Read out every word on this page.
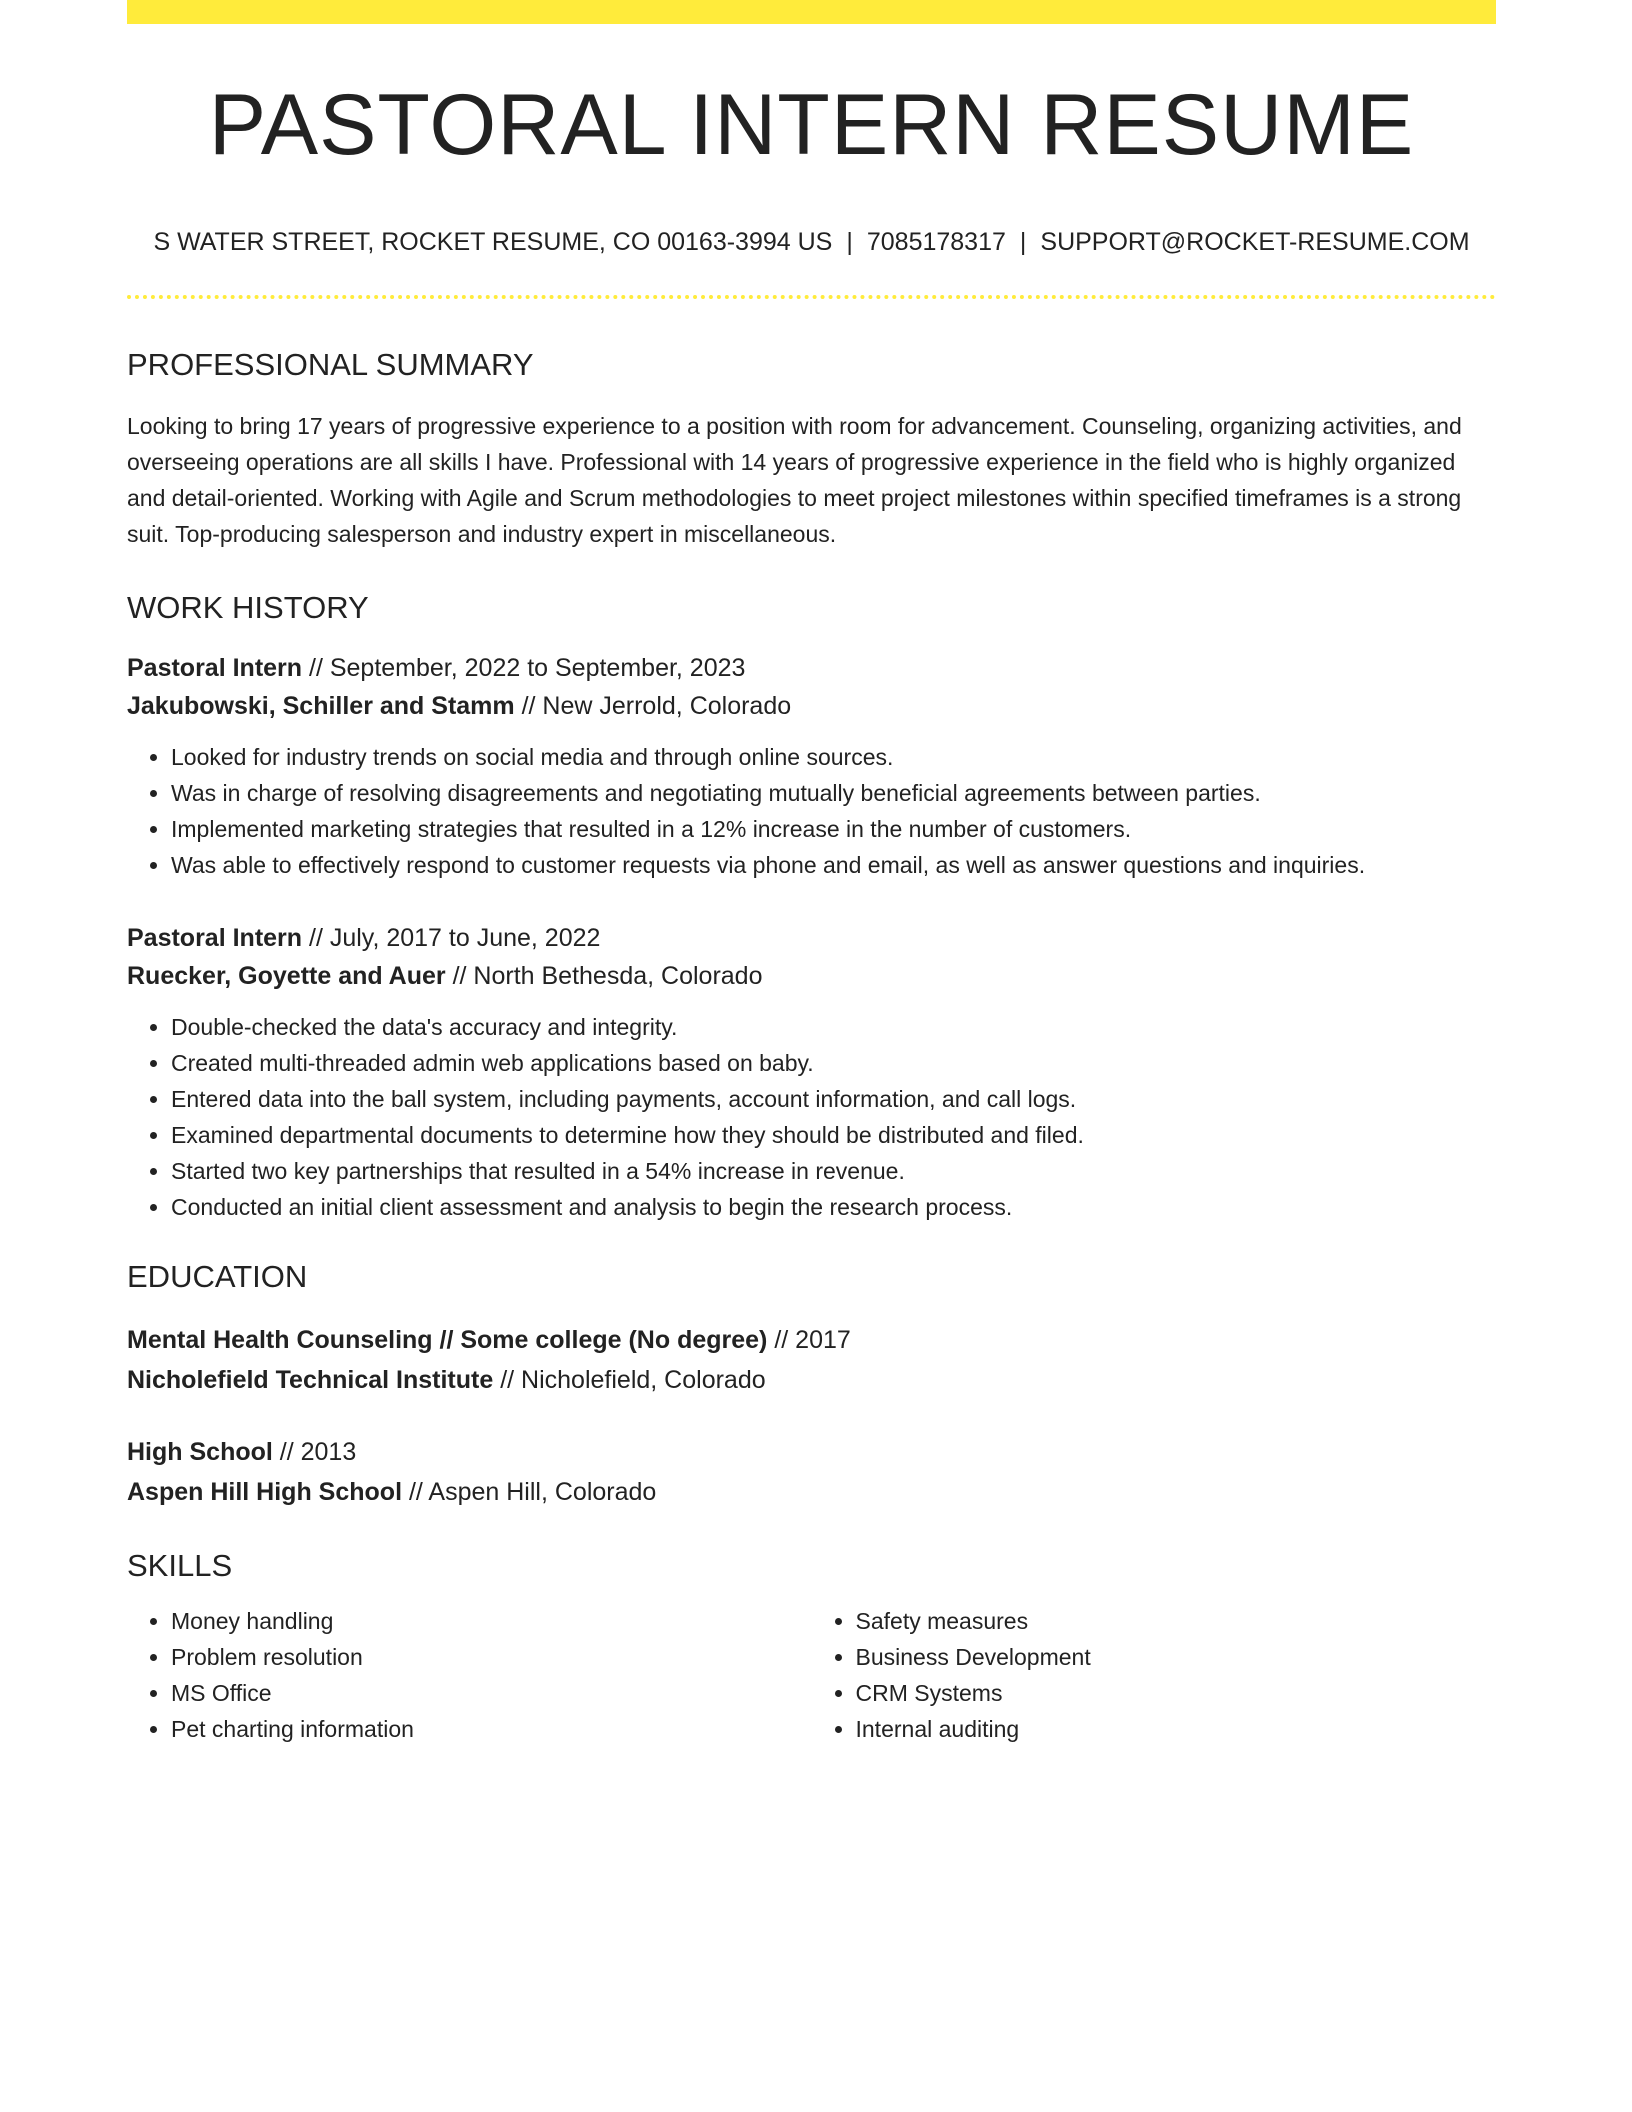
PASTORAL INTERN RESUME
S WATER STREET, ROCKET RESUME, CO 00163-3994 US | 7085178317 | SUPPORT@ROCKET-RESUME.COM
PROFESSIONAL SUMMARY
Looking to bring 17 years of progressive experience to a position with room for advancement. Counseling, organizing activities, and overseeing operations are all skills I have. Professional with 14 years of progressive experience in the field who is highly organized and detail-oriented. Working with Agile and Scrum methodologies to meet project milestones within specified timeframes is a strong suit. Top-producing salesperson and industry expert in miscellaneous.
WORK HISTORY
Pastoral Intern // September, 2022 to September, 2023
Jakubowski, Schiller and Stamm // New Jerrold, Colorado
• Looked for industry trends on social media and through online sources.
• Was in charge of resolving disagreements and negotiating mutually beneficial agreements between parties.
• Implemented marketing strategies that resulted in a 12% increase in the number of customers.
• Was able to effectively respond to customer requests via phone and email, as well as answer questions and inquiries.
Pastoral Intern // July, 2017 to June, 2022
Ruecker, Goyette and Auer // North Bethesda, Colorado
• Double-checked the data's accuracy and integrity.
• Created multi-threaded admin web applications based on baby.
• Entered data into the ball system, including payments, account information, and call logs.
• Examined departmental documents to determine how they should be distributed and filed.
• Started two key partnerships that resulted in a 54% increase in revenue.
• Conducted an initial client assessment and analysis to begin the research process.
EDUCATION
Mental Health Counseling // Some college (No degree) // 2017
Nicholefield Technical Institute // Nicholefield, Colorado
High School // 2013
Aspen Hill High School // Aspen Hill, Colorado
SKILLS
• Money handling
• Problem resolution
• MS Office
• Pet charting information
• Safety measures
• Business Development
• CRM Systems
• Internal auditing
